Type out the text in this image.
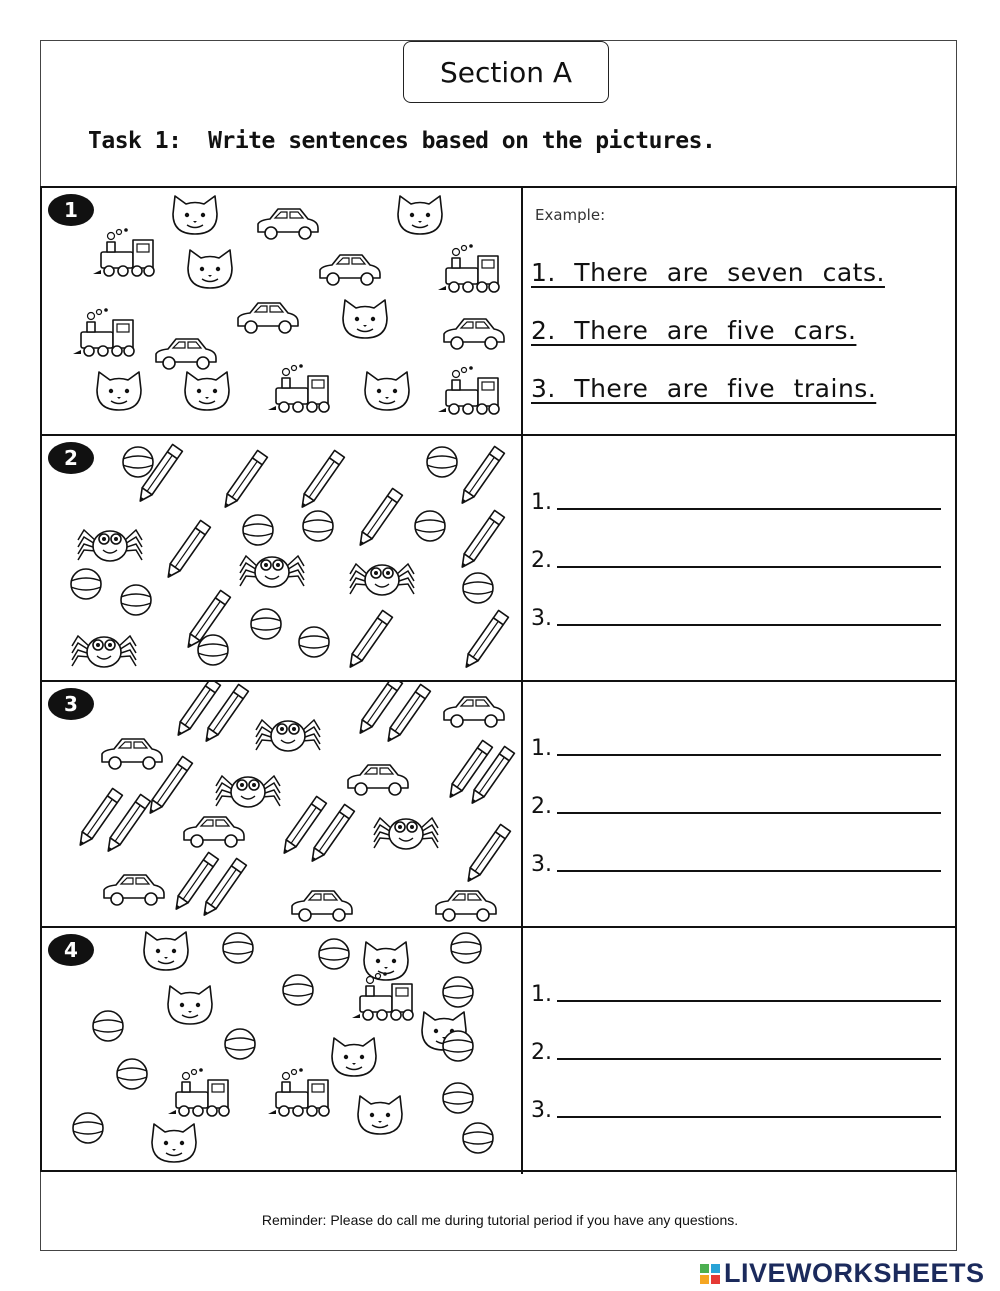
Section A
Task 1:  Write sentences based on the pictures.
1	Example:
1. There are seven cats.
2. There are five cars.
3. There are five trains.
2
1.
2.
3.
3
1.
2.
3.
4
1.
2.
3.
Reminder: Please do call me during tutorial period if you have any questions.
LIVEWORKSHEETS
